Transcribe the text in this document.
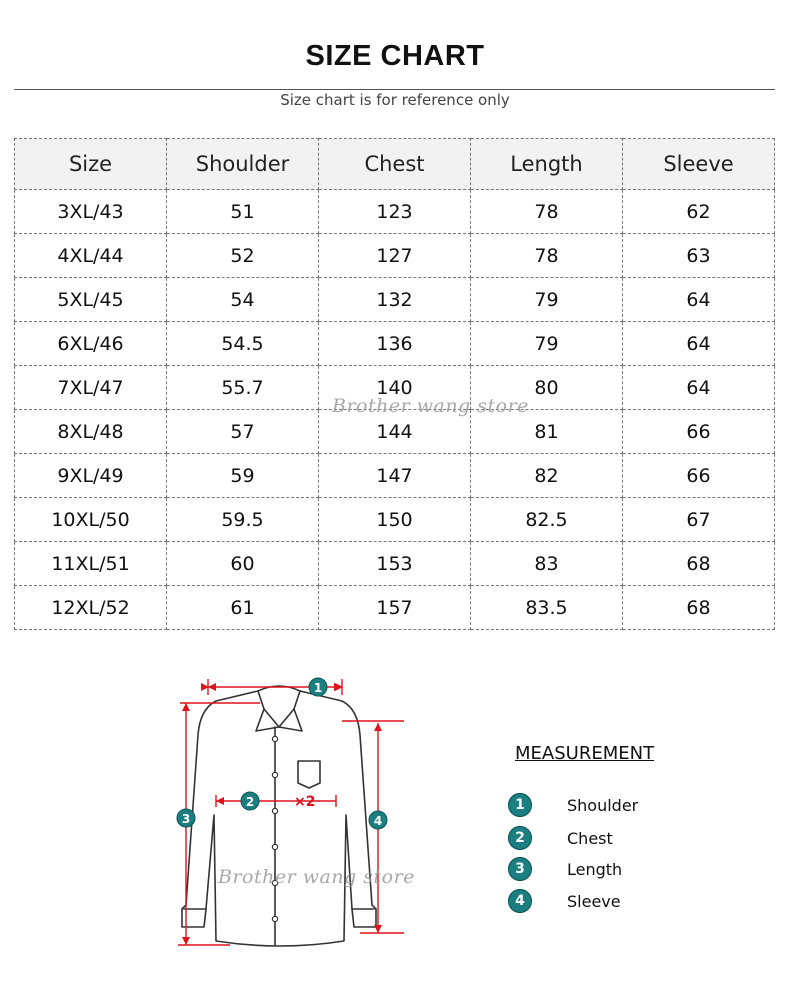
SIZE CHART
Size chart is for reference only
Size	Shoulder	Chest	Length	Sleeve
3XL/43	51	123	78	62
4XL/44	52	127	78	63
5XL/45	54	132	79	64
6XL/46	54.5	136	79	64
7XL/47	55.7	140	80	64
8XL/48	57	144	81	66
9XL/49	59	147	82	66
10XL/50	59.5	150	82.5	67
11XL/51	60	153	83	68
12XL/52	61	157	83.5	68
Brother wang store
×2
1
2
3	4
Brother wang store
MEASUREMENT
1	Shoulder
2	Chest
3	Length
4	Sleeve
